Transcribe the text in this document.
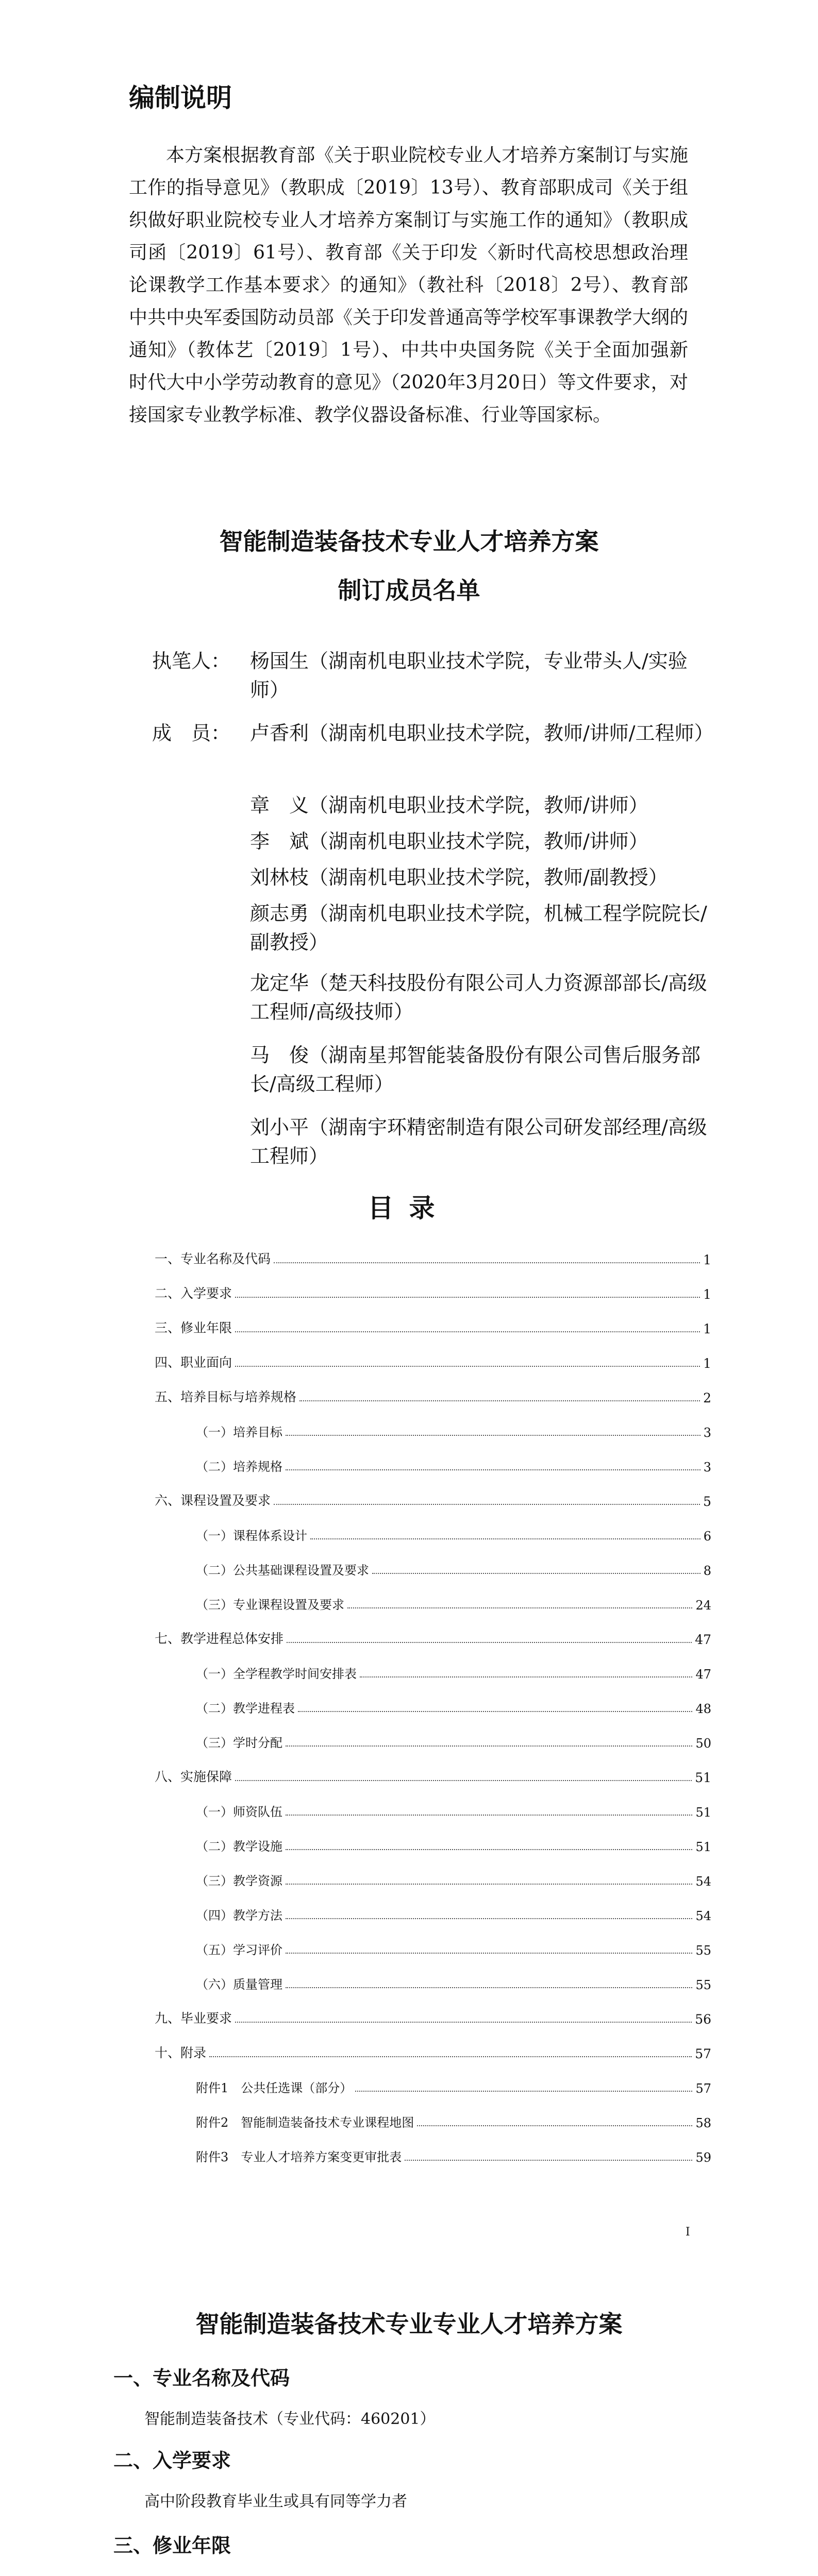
编制说明

本方案根据教育部《关于职业院校专业人才培养方案制订与实施工作的指导意见》（教职成〔2019〕13号）、教育部职成司《关于组织做好职业院校专业人才培养方案制订与实施工作的通知》（教职成司函〔2019〕61号）、教育部《关于印发〈新时代高校思想政治理论课教学工作基本要求〉的通知》（教社科〔2018〕2号）、教育部中共中央军委国防动员部《关于印发普通高等学校军事课教学大纲的通知》（教体艺〔2019〕1号）、中共中央国务院《关于全面加强新时代大中小学劳动教育的意见》（2020年3月20日）等文件要求，对接国家专业教学标准、教学仪器设备标准、行业等国家标。

智能制造装备技术专业人才培养方案
制订成员名单
执笔人： 杨国生（湖南机电职业技术学院，专业带头人/实验师）
成　员： 卢香利（湖南机电职业技术学院，教师/讲师/工程师）
章　义（湖南机电职业技术学院，教师/讲师）
李　斌（湖南机电职业技术学院，教师/讲师）
刘林枝（湖南机电职业技术学院，教师/副教授）
颜志勇（湖南机电职业技术学院，机械工程学院院长/副教授）
龙定华（楚天科技股份有限公司人力资源部部长/高级工程师/高级技师）
马　俊（湖南星邦智能装备股份有限公司售后服务部长/高级工程师）
刘小平（湖南宇环精密制造有限公司研发部经理/高级工程师）
目录
一、专业名称及代码	1
二、入学要求	1
三、修业年限	1
四、职业面向	1
五、培养目标与培养规格	2
（一）培养目标	3
（二）培养规格	3
六、课程设置及要求	5
（一）课程体系设计	6
（二）公共基础课程设置及要求	8
（三）专业课程设置及要求	24
七、教学进程总体安排	47
（一）全学程教学时间安排表	47
（二）教学进程表	48
（三）学时分配	50
八、实施保障	51
（一）师资队伍	51
（二）教学设施	51
（三）教学资源	54
（四）教学方法	54
（五）学习评价	55
（六）质量管理	55
九、毕业要求	56
十、附录	57
附件1　公共任选课（部分）	57
附件2　智能制造装备技术专业课程地图	58
附件3　专业人才培养方案变更审批表	59
I
智能制造装备技术专业专业人才培养方案
一、专业名称及代码
智能制造装备技术（专业代码：460201）
二、入学要求
高中阶段教育毕业生或具有同等学力者
三、修业年限
